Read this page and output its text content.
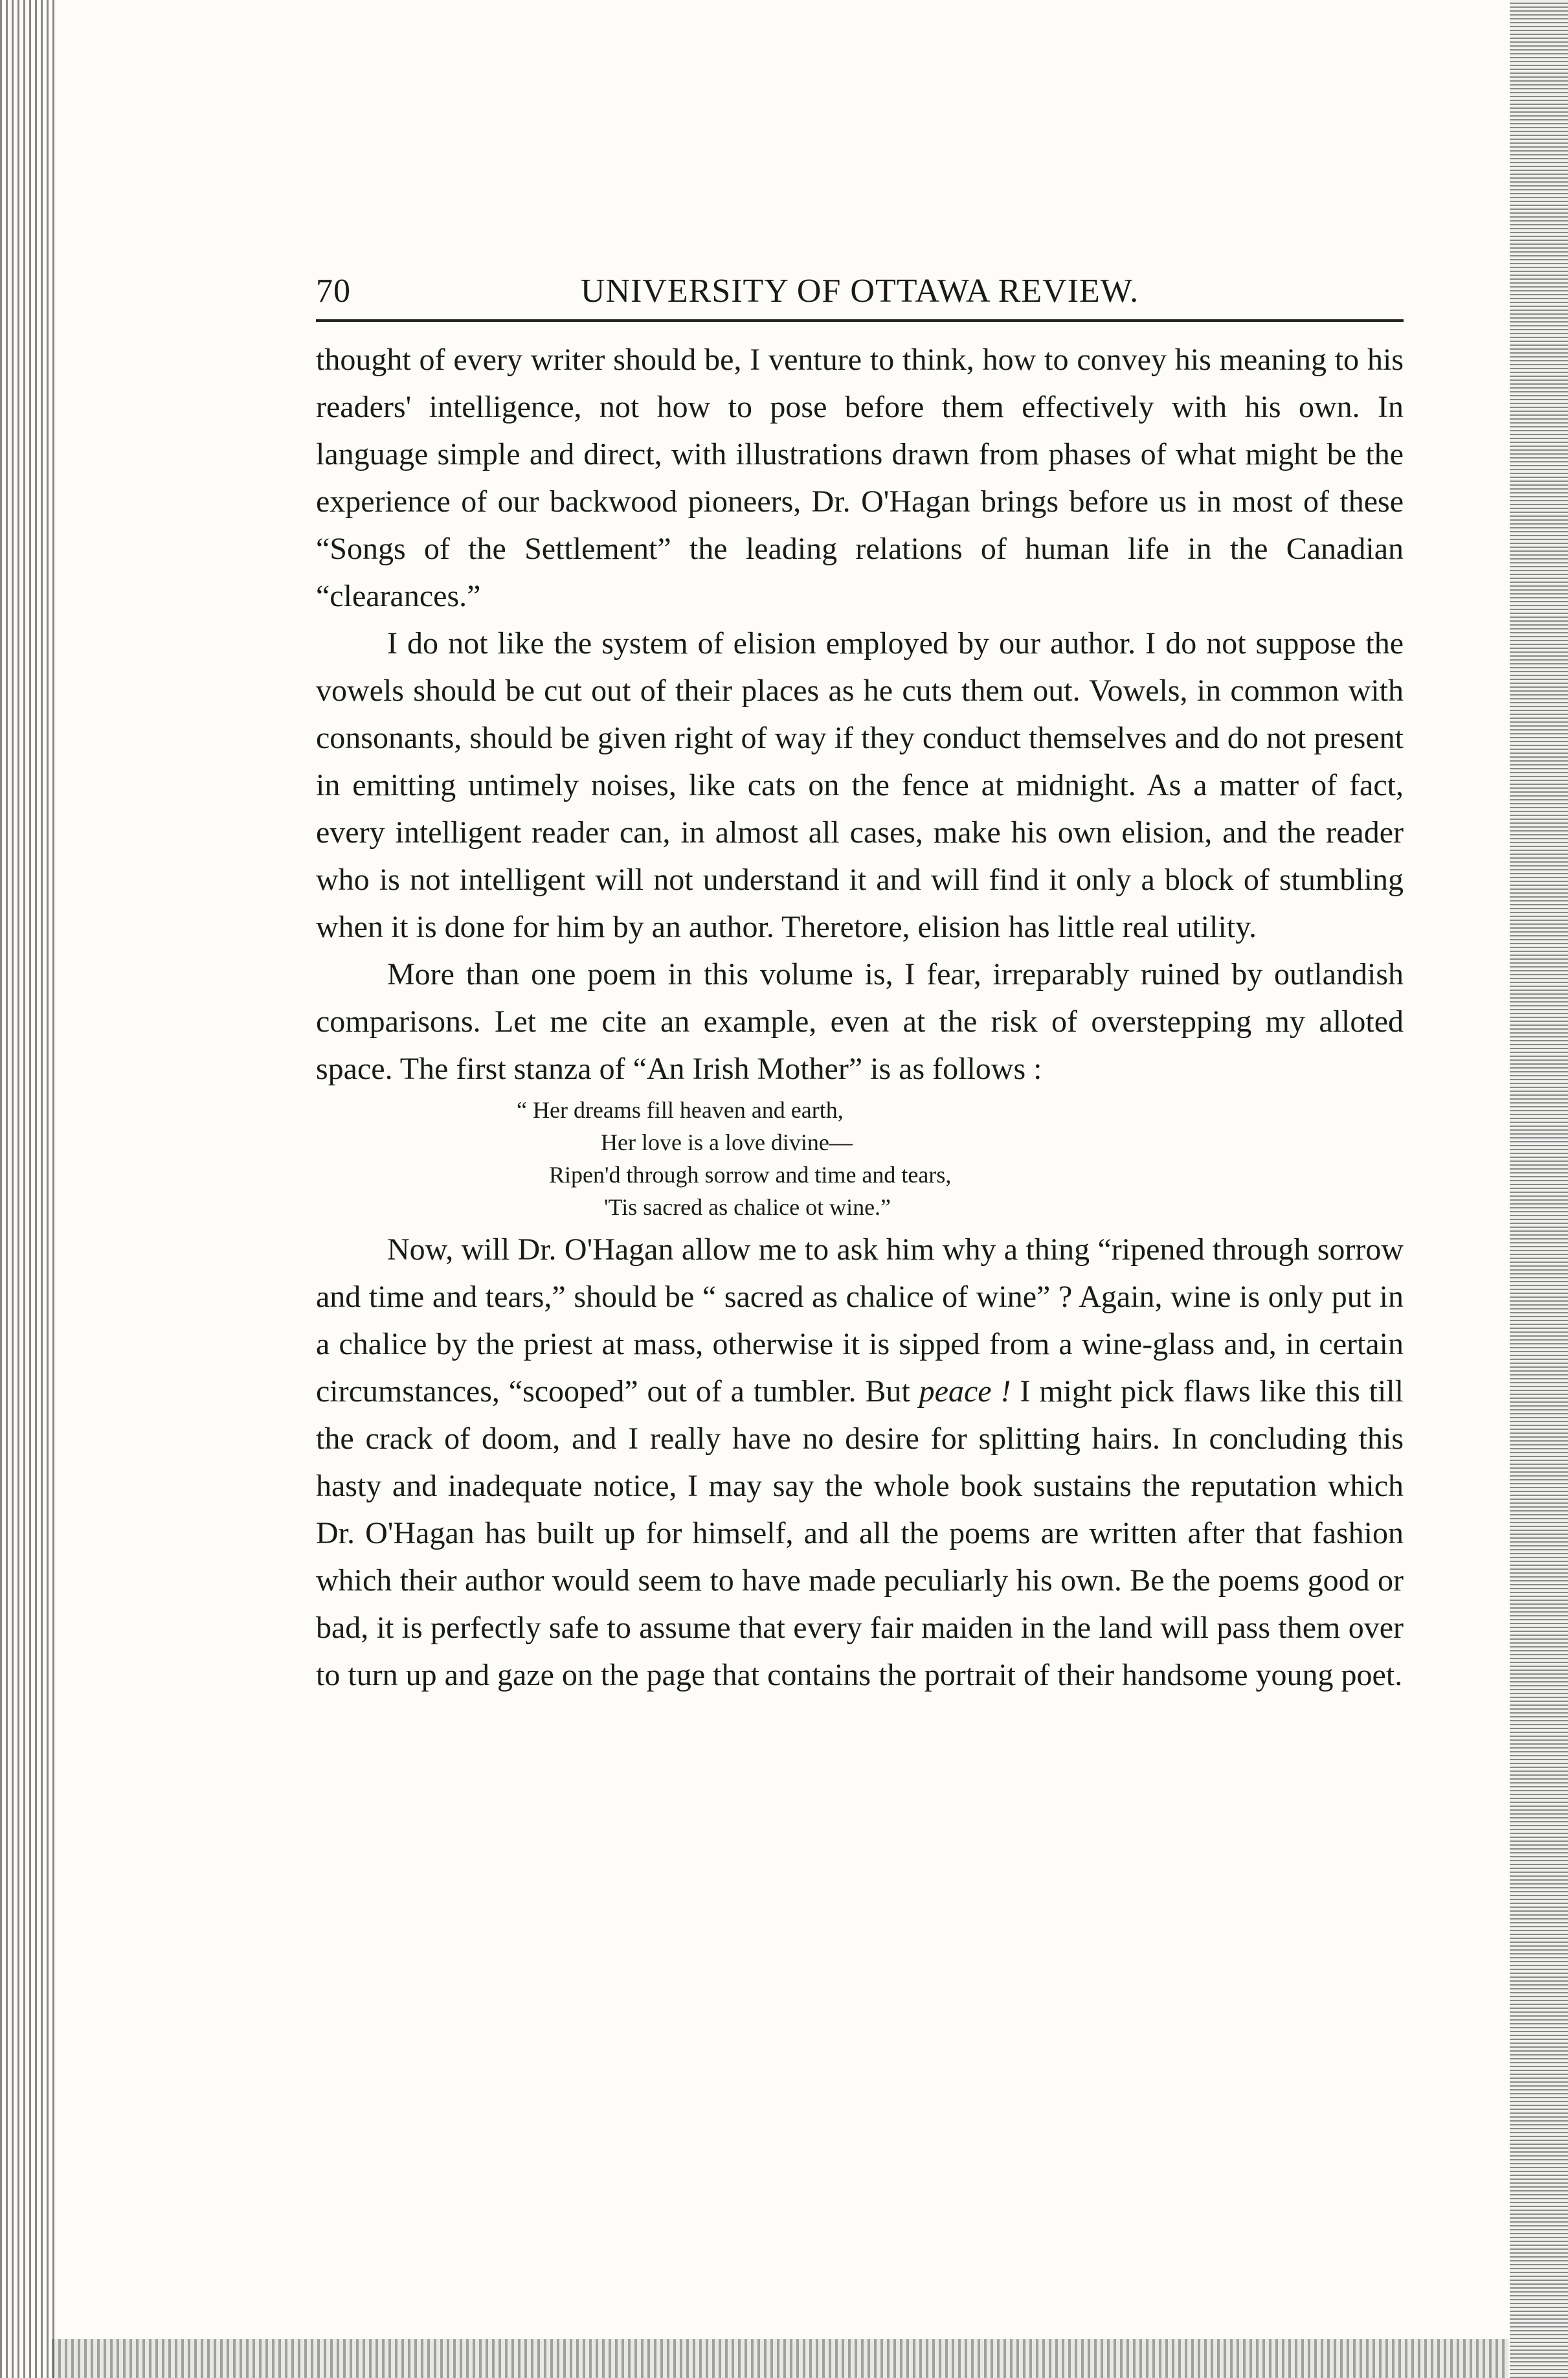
70	UNIVERSITY OF OTTAWA REVIEW.

thought of every writer should be, I venture to think, how to convey his meaning to his readers' intelligence, not how to pose before them effectively with his own. In language simple and direct, with illustrations drawn from phases of what might be the experience of our backwood pioneers, Dr. O'Hagan brings before us in most of these “Songs of the Settlement” the leading relations of human life in the Canadian “clearances.”

I do not like the system of elision employed by our author. I do not suppose the vowels should be cut out of their places as he cuts them out. Vowels, in common with consonants, should be given right of way if they conduct themselves and do not present in emitting untimely noises, like cats on the fence at midnight. As a matter of fact, every intelligent reader can, in almost all cases, make his own elision, and the reader who is not intelligent will not understand it and will find it only a block of stumbling when it is done for him by an author. Theretore, elision has little real utility.

More than one poem in this volume is, I fear, irreparably ruined by outlandish comparisons. Let me cite an example, even at the risk of overstepping my alloted space. The first stanza of “An Irish Mother” is as follows :

“ Her dreams fill heaven and earth,
Her love is a love divine—
Ripen'd through sorrow and time and tears,
'Tis sacred as chalice ot wine.”

Now, will Dr. O'Hagan allow me to ask him why a thing “ripened through sorrow and time and tears,” should be “ sacred as chalice of wine” ? Again, wine is only put in a chalice by the priest at mass, otherwise it is sipped from a wine-glass and, in certain circumstances, “scooped” out of a tumbler. But peace ! I might pick flaws like this till the crack of doom, and I really have no desire for splitting hairs. In concluding this hasty and inadequate notice, I may say the whole book sustains the reputation which Dr. O'Hagan has built up for himself, and all the poems are written after that fashion which their author would seem to have made peculiarly his own. Be the poems good or bad, it is perfectly safe to assume that every fair maiden in the land will pass them over to turn up and gaze on the page that contains the portrait of their handsome young poet.
